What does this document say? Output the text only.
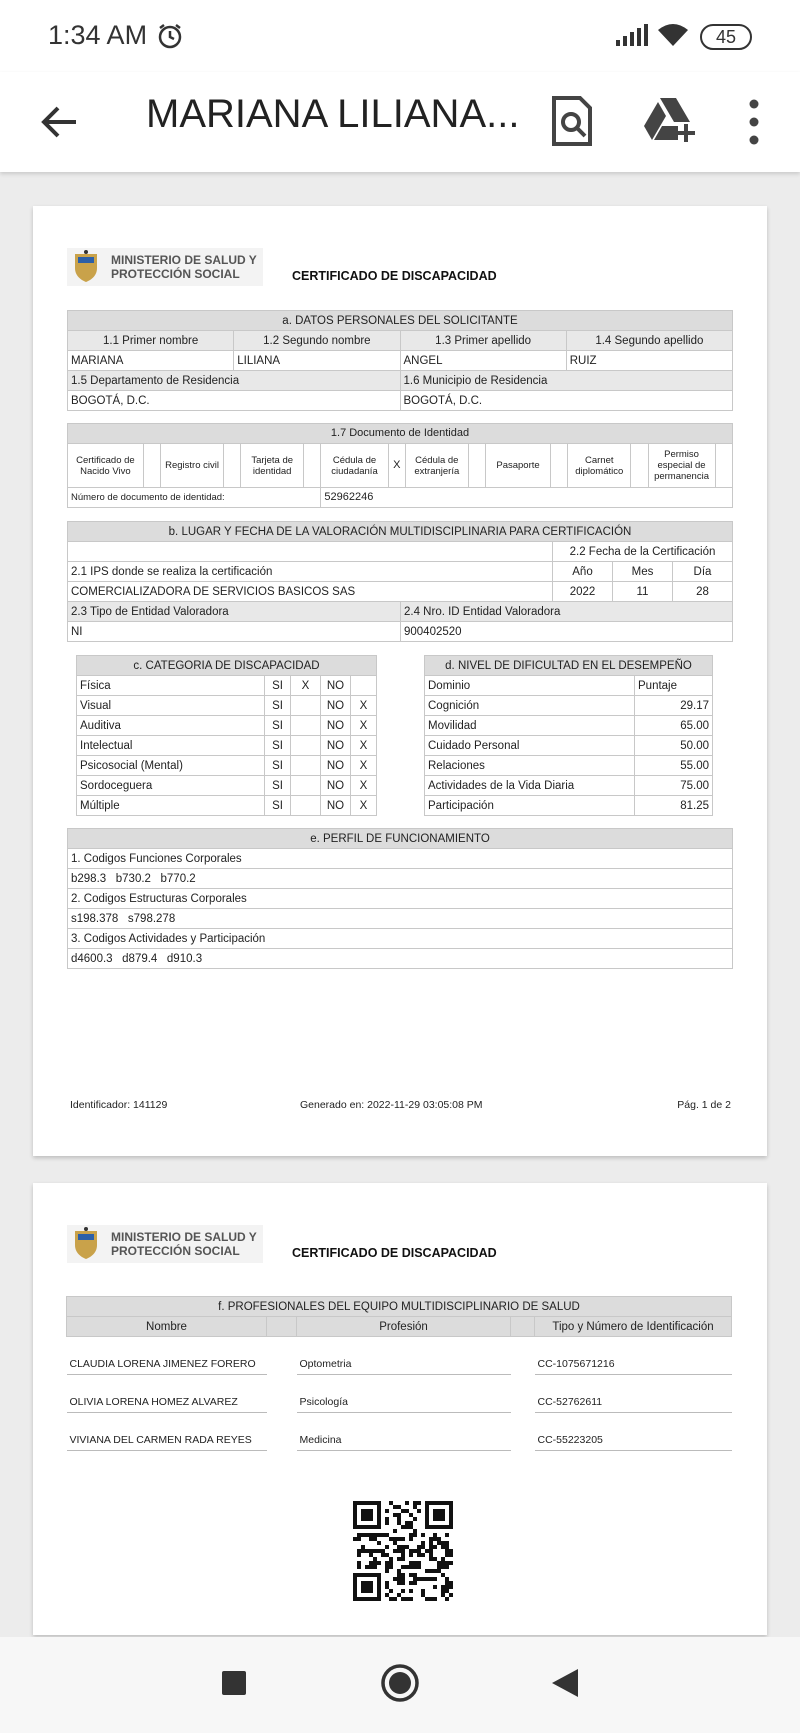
1:34 AM	45
MARIANA LILIANA...
MINISTERIO DE SALUD Y
PROTECCIÓN SOCIAL	CERTIFICADO DE DISCAPACIDAD
a. DATOS PERSONALES DEL SOLICITANTE			
1.1 Primer nombre	1.2 Segundo nombre	1.3 Primer apellido	1.4 Segundo apellido
MARIANA	LILIANA	ANGEL	RUIZ
1.5 Departamento de Residencia		1.6 Municipio de Residencia	
BOGOTÁ, D.C.		BOGOTÁ, D.C.	
1.7 Documento de Identidad															
Certificado de Nacido Vivo		Registro civil		Tarjeta de identidad		Cédula de ciudadanía	X	Cédula de extranjería		Pasaporte		Carnet diplomático		Permiso especial de permanencia	
Número de documento de identidad:						52962246									
b. LUGAR Y FECHA DE LA VALORACIÓN MULTIDISCIPLINARIA PARA CERTIFICACIÓN				
		2.2 Fecha de la Certificación		
2.1 IPS donde se realiza la certificación		Año	Mes	Día
COMERCIALIZADORA DE SERVICIOS BASICOS SAS		2022	11	28
2.3 Tipo de Entidad Valoradora	2.4 Nro. ID Entidad Valoradora			
NI	900402520			
c. CATEGORIA DE DISCAPACIDAD				
Física	SI	X	NO	
Visual	SI		NO	X
Auditiva	SI		NO	X
Intelectual	SI		NO	X
Psicosocial (Mental)	SI		NO	X
Sordoceguera	SI		NO	X
Múltiple	SI		NO	X
d. NIVEL DE DIFICULTAD EN EL DESEMPEÑO	
Dominio	Puntaje
Cognición	29.17
Movilidad	65.00
Cuidado Personal	50.00
Relaciones	55.00
Actividades de la Vida Diaria	75.00
Participación	81.25
e. PERFIL DE FUNCIONAMIENTO
1. Codigos Funciones Corporales
b298.3   b730.2   b770.2
2. Codigos Estructuras Corporales
s198.378   s798.278
3. Codigos Actividades y Participación
d4600.3   d879.4   d910.3
Identificador: 141129	Generado en: 2022-11-29 03:05:08 PM	Pág. 1 de 2
MINISTERIO DE SALUD Y
PROTECCIÓN SOCIAL	CERTIFICADO DE DISCAPACIDAD
f. PROFESIONALES DEL EQUIPO MULTIDISCIPLINARIO DE SALUD				
Nombre		Profesión		Tipo y Número de Identificación

CLAUDIA LORENA JIMENEZ FORERO		Optometria		CC-1075671216

OLIVIA LORENA HOMEZ ALVAREZ		Psicología		CC-52762611

VIVIANA DEL CARMEN RADA REYES		Medicina		CC-55223205
